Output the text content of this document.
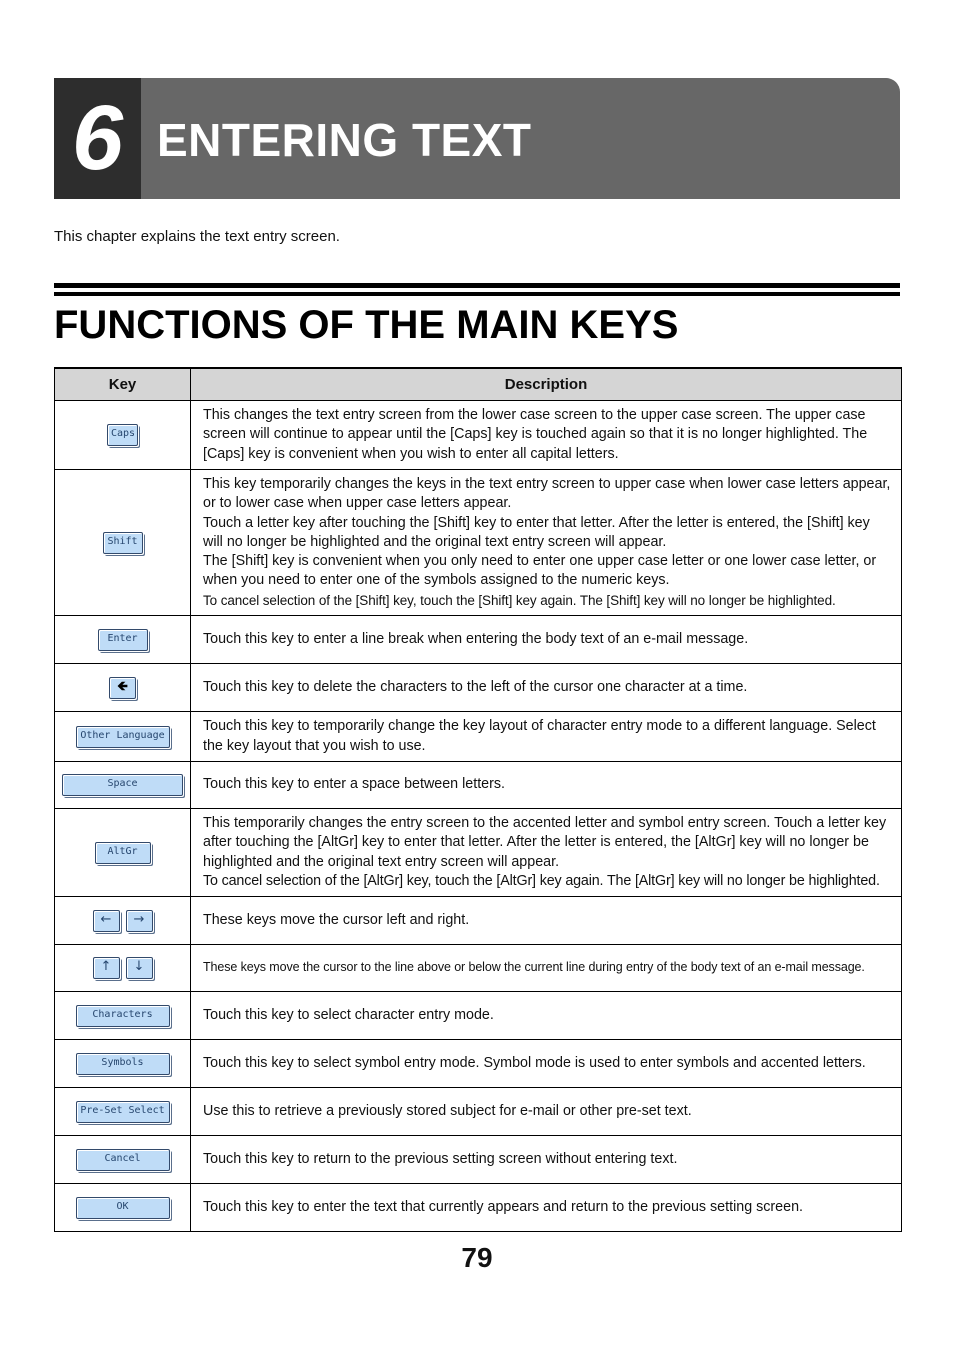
6 ENTERING TEXT
This chapter explains the text entry screen.
FUNCTIONS OF THE MAIN KEYS
Key	Description
Caps	This changes the text entry screen from the lower case screen to the upper case screen. The upper case screen will continue to appear until the [Caps] key is touched again so that it is no longer highlighted. The [Caps] key is convenient when you wish to enter all capital letters.

Shift	This key temporarily changes the keys in the text entry screen to upper case when lower case letters appear, or to lower case when upper case letters appear.

Touch a letter key after touching the [Shift] key to enter that letter. After the letter is entered, the [Shift] key will no longer be highlighted and the original text entry screen will appear.

The [Shift] key is convenient when you only need to enter one upper case letter or one lower case letter, or when you need to enter one of the symbols assigned to the numeric keys.

To cancel selection of the [Shift] key, touch the [Shift] key again. The [Shift] key will no longer be highlighted.

Enter	Touch this key to enter a line break when entering the body text of an e-mail message.

🡸	Touch this key to delete the characters to the left of the cursor one character at a time.

Other Language	Touch this key to temporarily change the key layout of character entry mode to a different language. Select the key layout that you wish to use.

Space	Touch this key to enter a space between letters.

AltGr	This temporarily changes the entry screen to the accented letter and symbol entry screen. Touch a letter key after touching the [AltGr] key to enter that letter. After the letter is entered, the [AltGr] key will no longer be highlighted and the original text entry screen will appear.

To cancel selection of the [AltGr] key, touch the [AltGr] key again. The [AltGr] key will no longer be highlighted.

← →	These keys move the cursor left and right.

↑ ↓	These keys move the cursor to the line above or below the current line during entry of the body text of an e-mail message.

Characters	Touch this key to select character entry mode.

Symbols	Touch this key to select symbol entry mode. Symbol mode is used to enter symbols and accented letters.

Pre-Set Select	Use this to retrieve a previously stored subject for e-mail or other pre-set text.

Cancel	Touch this key to return to the previous setting screen without entering text.

OK	Touch this key to enter the text that currently appears and return to the previous setting screen.

79
